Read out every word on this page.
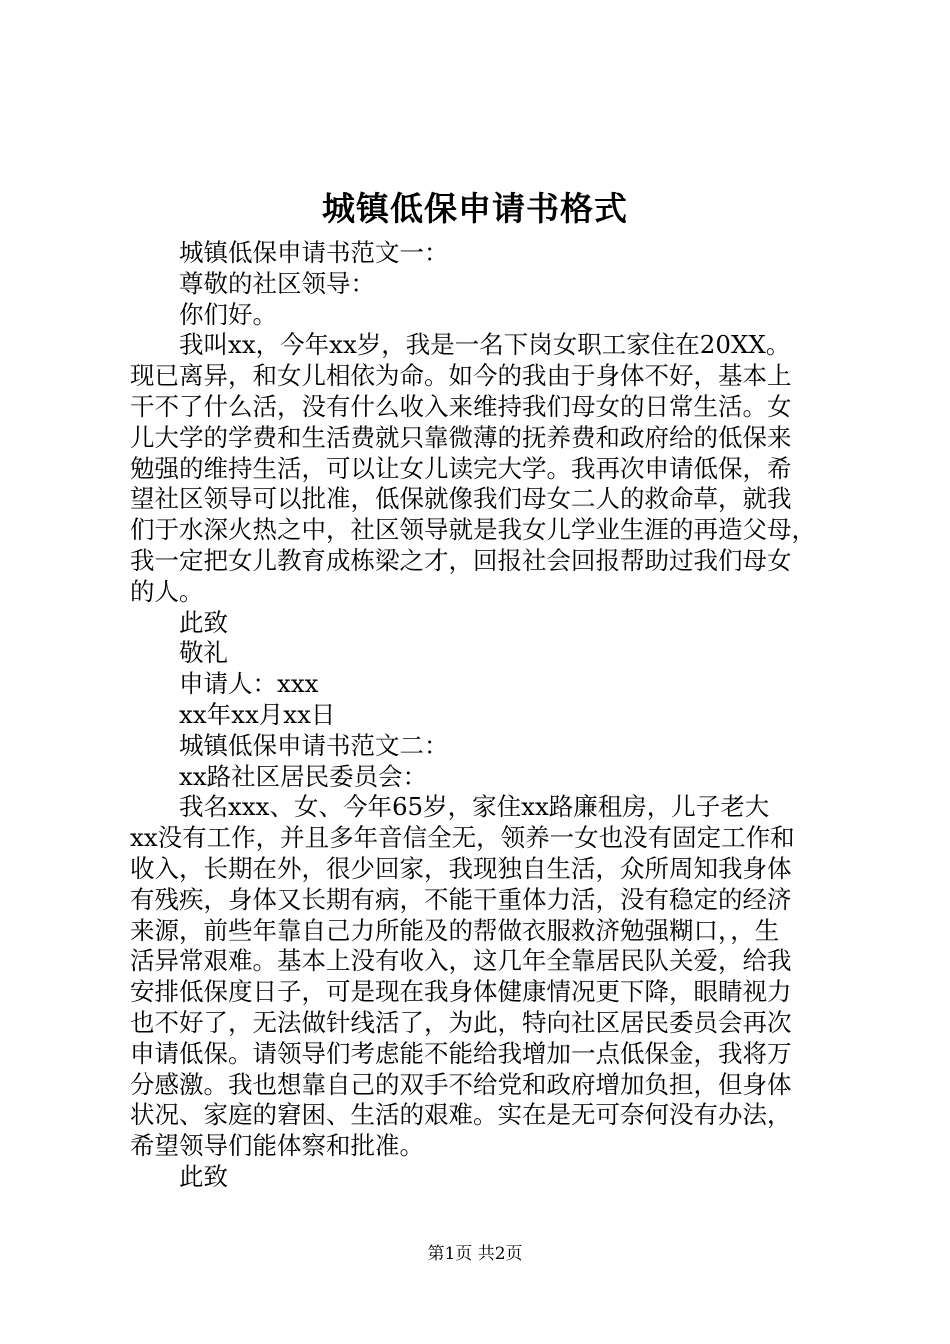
城镇低保申请书格式
城镇低保申请书范文一：
尊敬的社区领导：
你们好。
我叫xx，今年xx岁，我是一名下岗女职工家住在20XX。
现已离异，和女儿相依为命。如今的我由于身体不好，基本上
干不了什么活，没有什么收入来维持我们母女的日常生活。女
儿大学的学费和生活费就只靠微薄的抚养费和政府给的低保来
勉强的维持生活，可以让女儿读完大学。我再次申请低保，希
望社区领导可以批准，低保就像我们母女二人的救命草，就我
们于水深火热之中，社区领导就是我女儿学业生涯的再造父母，
我一定把女儿教育成栋梁之才，回报社会回报帮助过我们母女
的人。
此致
敬礼
申请人：xxx
xx年xx月xx日
城镇低保申请书范文二：
xx路社区居民委员会：
我名xxx、女、今年65岁，家住xx路廉租房，儿子老大
xx没有工作，并且多年音信全无，领养一女也没有固定工作和
收入，长期在外，很少回家，我现独自生活，众所周知我身体
有残疾，身体又长期有病，不能干重体力活，没有稳定的经济
来源，前些年靠自己力所能及的帮做衣服救济勉强糊口，，生
活异常艰难。基本上没有收入，这几年全靠居民队关爱，给我
安排低保度日子，可是现在我身体健康情况更下降，眼睛视力
也不好了，无法做针线活了，为此，特向社区居民委员会再次
申请低保。请领导们考虑能不能给我增加一点低保金，我将万
分感激。我也想靠自己的双手不给党和政府增加负担，但身体
状况、家庭的窘困、生活的艰难。实在是无可奈何没有办法，
希望领导们能体察和批准。
此致
第1页 共2页
